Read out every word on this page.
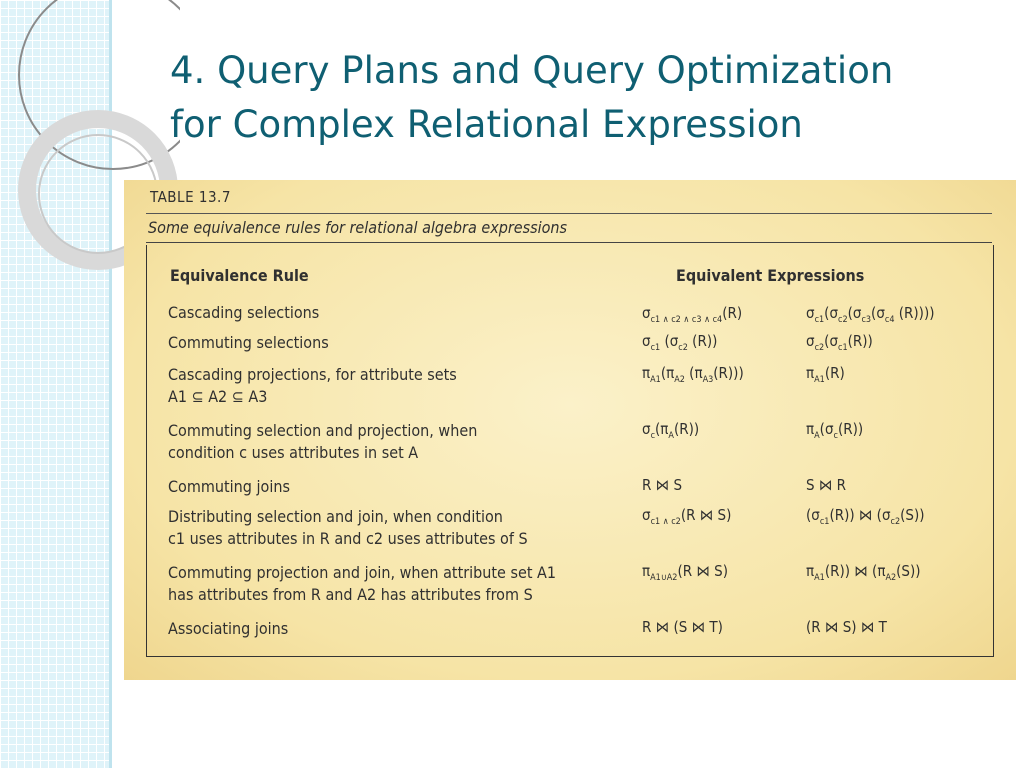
4. Query Plans and Query Optimization
for Complex Relational Expression
TABLE 13.7
Some equivalence rules for relational algebra expressions
Equivalence Rule	Equivalent Expressions
Cascading selections	$\sigma_{c1 \wedge c2 \wedge c3 \wedge c4}(R)$	$\sigma_{c1}(\sigma_{c2}(\sigma_{c3}(\sigma_{c4}$ (R))))
Commuting selections	$\sigma_{c1}$ ($\sigma_{c2}$ (R))	$\sigma_{c2}(\sigma_{c1}(R))$
Cascading projections, for attribute sets
A1 ⊆ A2 ⊆ A3
$\pi_{A1}(\pi_{A2}$ $(\pi_{A3}(R))$)	$\pi_{A1}(R)$
Commuting selection and projection, when
condition c uses attributes in set A
$\sigma_c(\pi_A(R))$	$\pi_A(\sigma_c(R))$
Commuting joins	R ⋈ S	S ⋈ R
Distributing selection and join, when condition
c1 uses attributes in R and c2 uses attributes of S
$\sigma_{c1 \wedge c2}(R$ ⋈ S)	$(\sigma_{c1}(R))$ ⋈ $(\sigma_{c2}(S))$
Commuting projection and join, when attribute set A1
has attributes from R and A2 has attributes from S
$\pi_{A1\cup A2}(R$ ⋈ S)	$\pi_{A1}(R)$) ⋈ $(\pi_{A2}(S))$
Associating joins	R ⋈ (S ⋈ T)	(R ⋈ S) ⋈ T
